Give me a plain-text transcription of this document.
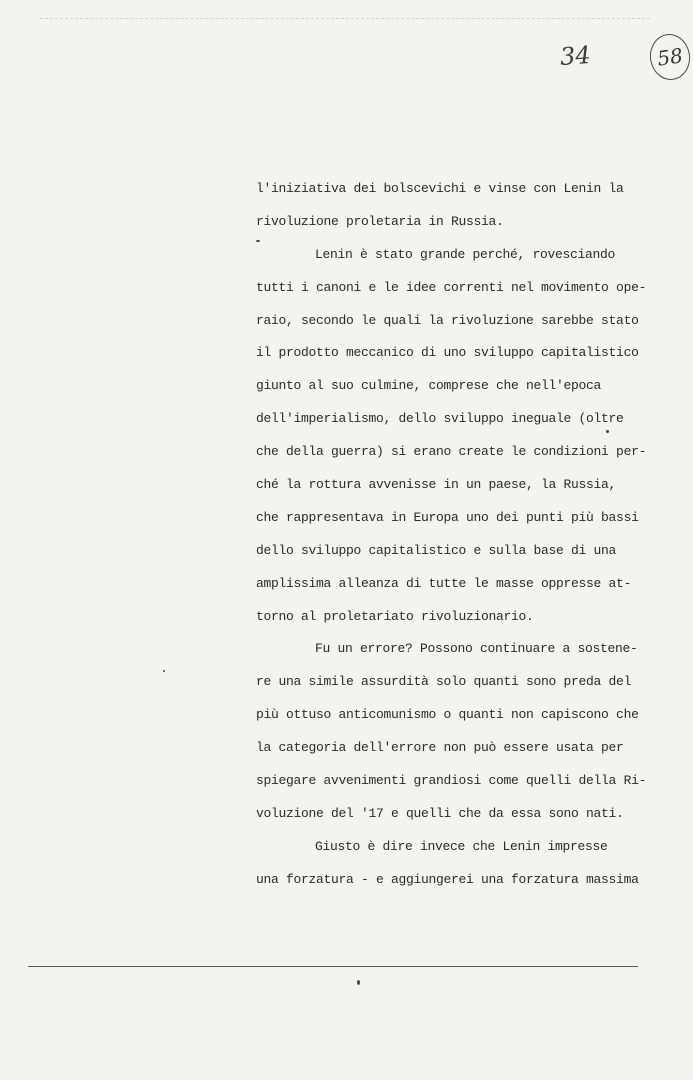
34	58
l'iniziativa dei bolscevichi e vinse con Lenin la
rivoluzione proletaria in Russia.
Lenin è stato grande perché, rovesciando
tutti i canoni e le idee correnti nel movimento ope-
raio, secondo le quali la rivoluzione sarebbe stato
il prodotto meccanico di uno sviluppo capitalistico
giunto al suo culmine, comprese che nell'epoca
dell'imperialismo, dello sviluppo ineguale (oltre
che della guerra) si erano create le condizioni per-
ché la rottura avvenisse in un paese, la Russia,
che rappresentava in Europa uno dei punti più bassi
dello sviluppo capitalistico e sulla base di una
amplissima alleanza di tutte le masse oppresse at-
torno al proletariato rivoluzionario.
Fu un errore? Possono continuare a sostene-
re una simile assurdità solo quanti sono preda del
più ottuso anticomunismo o quanti non capiscono che
la categoria dell'errore non può essere usata per
spiegare avvenimenti grandiosi come quelli della Ri-
voluzione del '17 e quelli che da essa sono nati.
Giusto è dire invece che Lenin impresse
una forzatura - e aggiungerei una forzatura massima
